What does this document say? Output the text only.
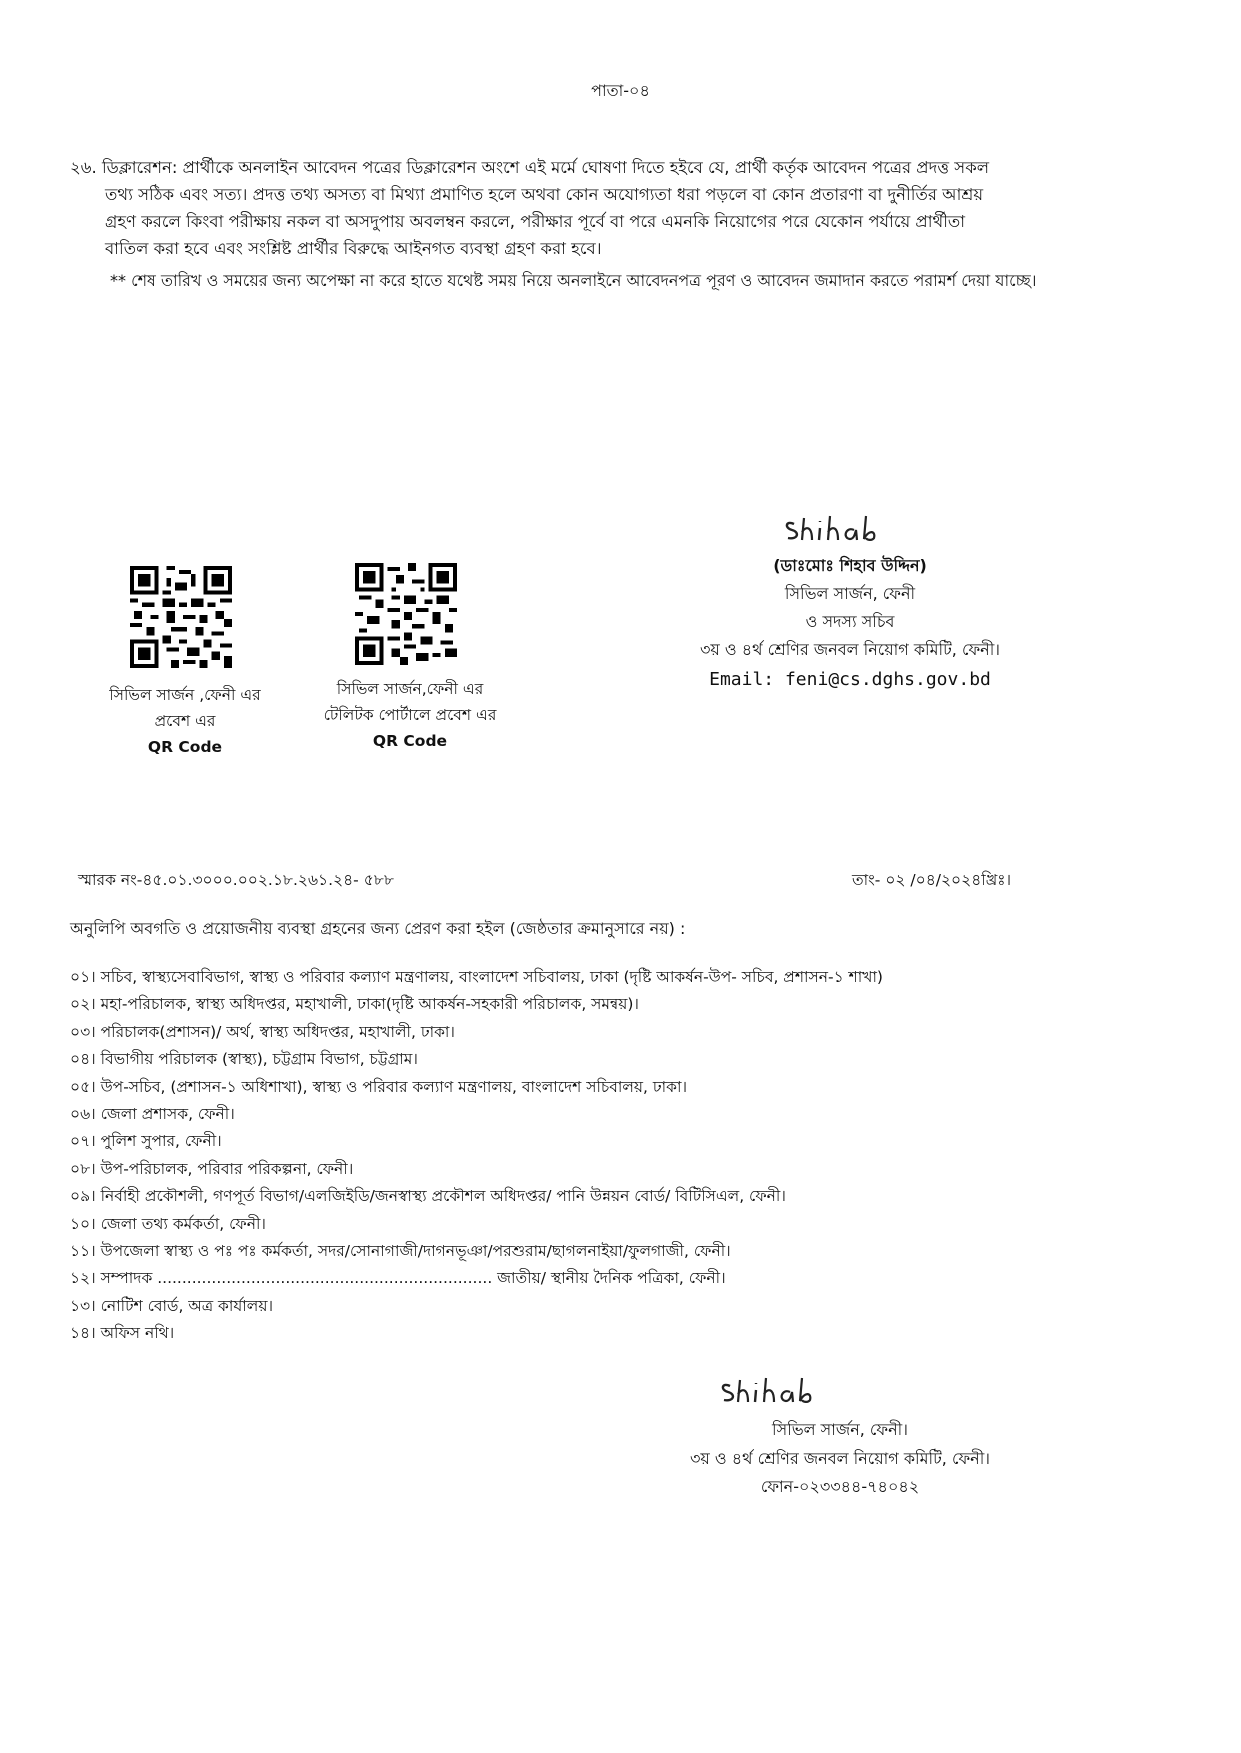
পাতা-০৪
২৬. ডিক্লারেশন: প্রার্থীকে অনলাইন আবেদন পত্রের ডিক্লারেশন অংশে এই মর্মে ঘোষণা দিতে হইবে যে, প্রার্থী কর্তৃক আবেদন পত্রের প্রদত্ত সকল
তথ্য সঠিক এবং সত্য। প্রদত্ত তথ্য অসত্য বা মিথ্যা প্রমাণিত হলে অথবা কোন অযোগ্যতা ধরা পড়লে বা কোন প্রতারণা বা দুনীর্তির আশ্রয়
গ্রহণ করলে কিংবা পরীক্ষায় নকল বা অসদুপায় অবলম্বন করলে, পরীক্ষার পূর্বে বা পরে এমনকি নিয়োগের পরে যেকোন পর্যায়ে প্রার্থীতা
বাতিল করা হবে এবং সংশ্লিষ্ট প্রার্থীর বিরুদ্ধে আইনগত ব্যবস্থা গ্রহণ করা হবে।
** শেষ তারিখ ও সময়ের জন্য অপেক্ষা না করে হাতে যথেষ্ট সময় নিয়ে অনলাইনে আবেদনপত্র পূরণ ও আবেদন জমাদান করতে পরামর্শ দেয়া যাচ্ছে।
(ডাঃমোঃ শিহাব উদ্দিন)
সিভিল সার্জন, ফেনী
ও সদস্য সচিব
৩য় ও ৪র্থ শ্রেণির জনবল নিয়োগ কমিটি, ফেনী।
Email: feni@cs.dghs.gov.bd
সিভিল সার্জন ,ফেনী এর
প্রবেশ এর
QR Code
সিভিল সার্জন,ফেনী এর
টেলিটক পোর্টালে প্রবেশ এর
QR Code
স্মারক নং-৪৫.০১.৩০০০.০০২.১৮.২৬১.২৪- ৫৮৮	তাং- ০২ /০৪/২০২৪খ্রিঃ।
অনুলিপি অবগতি ও প্রয়োজনীয় ব্যবস্থা গ্রহনের জন্য প্রেরণ করা হইল (জেষ্ঠতার ক্রমানুসারে নয়) :
০১। সচিব, স্বাস্থ্যসেবাবিভাগ, স্বাস্থ্য ও পরিবার কল্যাণ মন্ত্রণালয়, বাংলাদেশ সচিবালয়, ঢাকা (দৃষ্টি আকর্ষন-উপ- সচিব, প্রশাসন-১ শাখা)
০২। মহা-পরিচালক, স্বাস্থ্য অধিদপ্তর, মহাখালী, ঢাকা(দৃষ্টি আকর্ষন-সহকারী পরিচালক, সমন্বয়)।
০৩। পরিচালক(প্রশাসন)/ অর্থ, স্বাস্থ্য অধিদপ্তর, মহাখালী, ঢাকা।
০৪। বিভাগীয় পরিচালক (স্বাস্থ্য), চট্টগ্রাম বিভাগ, চট্টগ্রাম।
০৫। উপ-সচিব, (প্রশাসন-১ অধিশাখা), স্বাস্থ্য ও পরিবার কল্যাণ মন্ত্রণালয়, বাংলাদেশ সচিবালয়, ঢাকা।
০৬। জেলা প্রশাসক, ফেনী।
০৭। পুলিশ সুপার, ফেনী।
০৮। উপ-পরিচালক, পরিবার পরিকল্পনা, ফেনী।
০৯। নির্বাহী প্রকৌশলী, গণপূর্ত বিভাগ/এলজিইডি/জনস্বাস্থ্য প্রকৌশল অধিদপ্তর/ পানি উন্নয়ন বোর্ড/ বিটিসিএল, ফেনী।
১০। জেলা তথ্য কর্মকর্তা, ফেনী।
১১। উপজেলা স্বাস্থ্য ও পঃ পঃ কর্মকর্তা, সদর/সোনাগাজী/দাগনভূঞা/পরশুরাম/ছাগলনাইয়া/ফুলগাজী, ফেনী।
১২। সম্পাদক .................................................................... জাতীয়/ স্থানীয় দৈনিক পত্রিকা, ফেনী।
১৩। নোটিশ বোর্ড, অত্র কার্যালয়।
১৪। অফিস নথি।
সিভিল সার্জন, ফেনী।
৩য় ও ৪র্থ শ্রেণির জনবল নিয়োগ কমিটি, ফেনী।
ফোন-০২৩৩৪৪-৭৪০৪২
